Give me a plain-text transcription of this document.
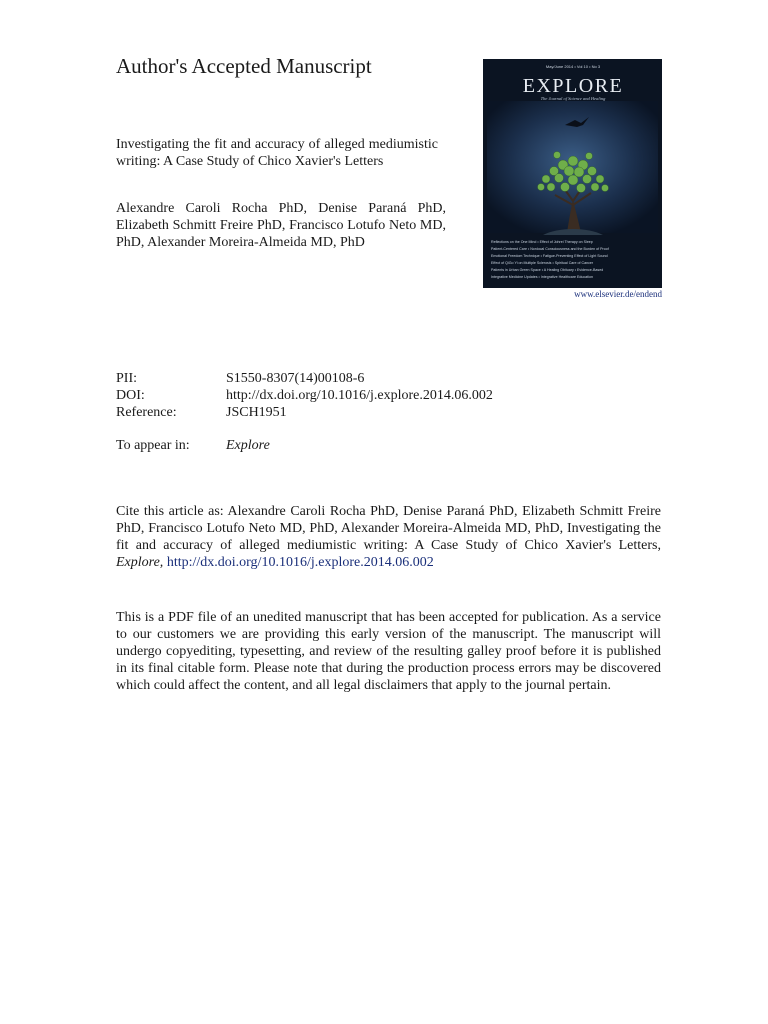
Author's Accepted Manuscript
Investigating the fit and accuracy of alleged mediumistic writing: A Case Study of Chico Xavier's Letters
Alexandre Caroli Rocha PhD, Denise Paraná PhD, Elizabeth Schmitt Freire PhD, Francisco Lotufo Neto MD, PhD, Alexander Moreira-Almeida MD, PhD
May/June 2014 • Vol 10 • No 3
EXPLORE
The Journal of Science and Healing
Reflections on the One Mind • Effect of Johrei Therapy on Sleep
Patient-Centered Care • Nonlocal Consciousness and the Burden of Proof
Emotional Freedom Technique • Fatigue-Preventing Effect of Light Sound
Effect of QiGo Yi on Multiple Sclerosis • Spiritual Care of Cancer
Patients in Urban Green Space • A Healing Obituary • Evidence-Based
Integrative Medicine Updates • Integrative Healthcare Education
www.elsevier.de/endend
PII:	S1550-8307(14)00108-6
DOI:	http://dx.doi.org/10.1016/j.explore.2014.06.002
Reference:	JSCH1951
To appear in:	Explore
Cite this article as: Alexandre Caroli Rocha PhD, Denise Paraná PhD, Elizabeth Schmitt Freire PhD, Francisco Lotufo Neto MD, PhD, Alexander Moreira-Almeida MD, PhD, Investigating the fit and accuracy of alleged mediumistic writing: A Case Study of Chico Xavier's Letters, Explore, http://dx.doi.org/10.1016/j.explore.2014.06.002
This is a PDF file of an unedited manuscript that has been accepted for publication. As a service to our customers we are providing this early version of the manuscript. The manuscript will undergo copyediting, typesetting, and review of the resulting galley proof before it is published in its final citable form. Please note that during the production process errors may be discovered which could affect the content, and all legal disclaimers that apply to the journal pertain.
